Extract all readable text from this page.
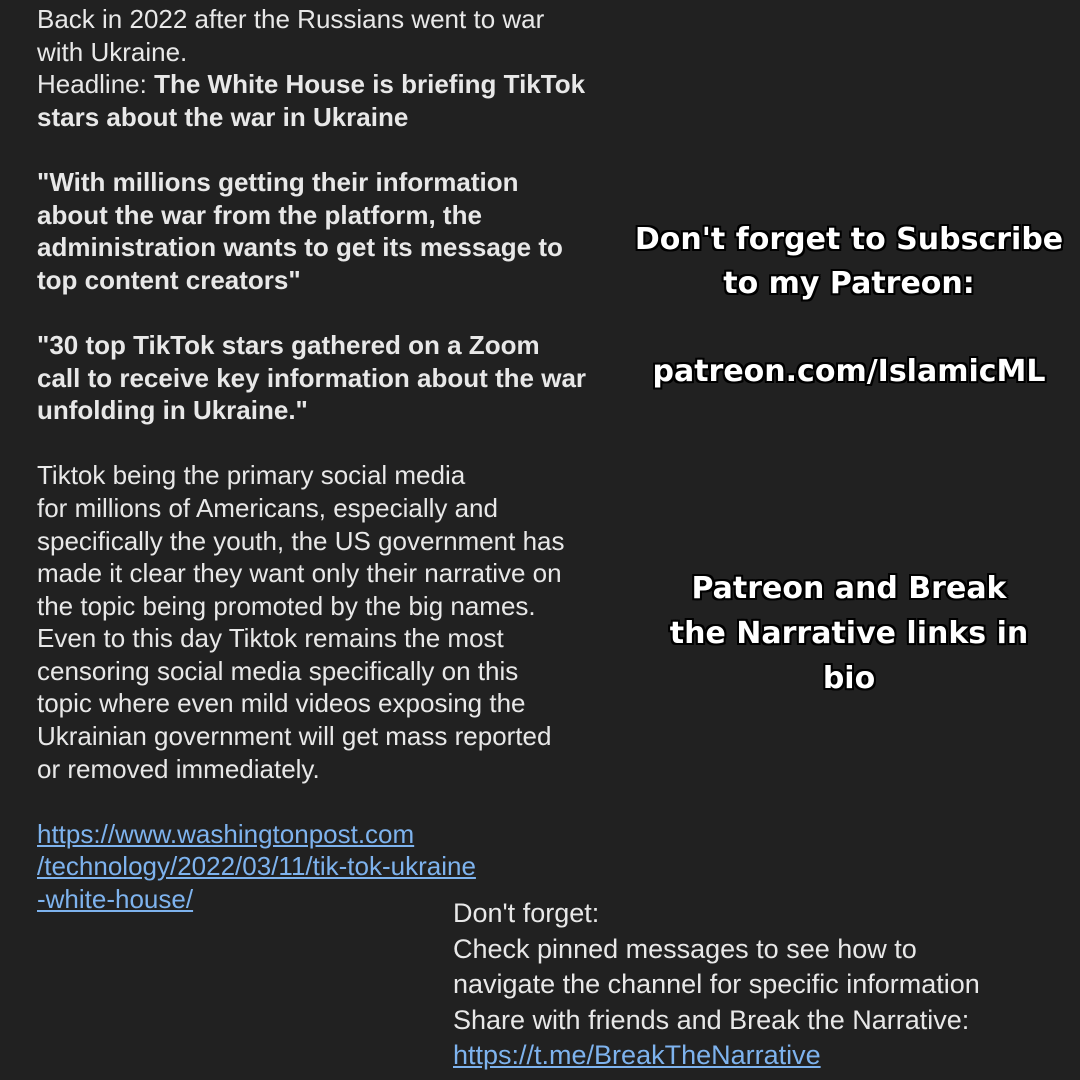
Back in 2022 after the Russians went to war
with Ukraine.
Headline: The White House is briefing TikTok
stars about the war in Ukraine
"With millions getting their information
about the war from the platform, the
administration wants to get its message to
top content creators"
"30 top TikTok stars gathered on a Zoom
call to receive key information about the war
unfolding in Ukraine."
Tiktok being the primary social media
for millions of Americans, especially and
specifically the youth, the US government has
made it clear they want only their narrative on
the topic being promoted by the big names.
Even to this day Tiktok remains the most
censoring social media specifically on this
topic where even mild videos exposing the
Ukrainian government will get mass reported
or removed immediately.
https://www.washingtonpost.com
/technology/2022/03/11/tik-tok-ukraine
-white-house/
Don't forget to Subscribe
to my Patreon:
patreon.com/IslamicML
Patreon and Break
the Narrative links in
bio
Don't forget:
Check pinned messages to see how to
navigate the channel for specific information
Share with friends and Break the Narrative:
https://t.me/BreakTheNarrative
